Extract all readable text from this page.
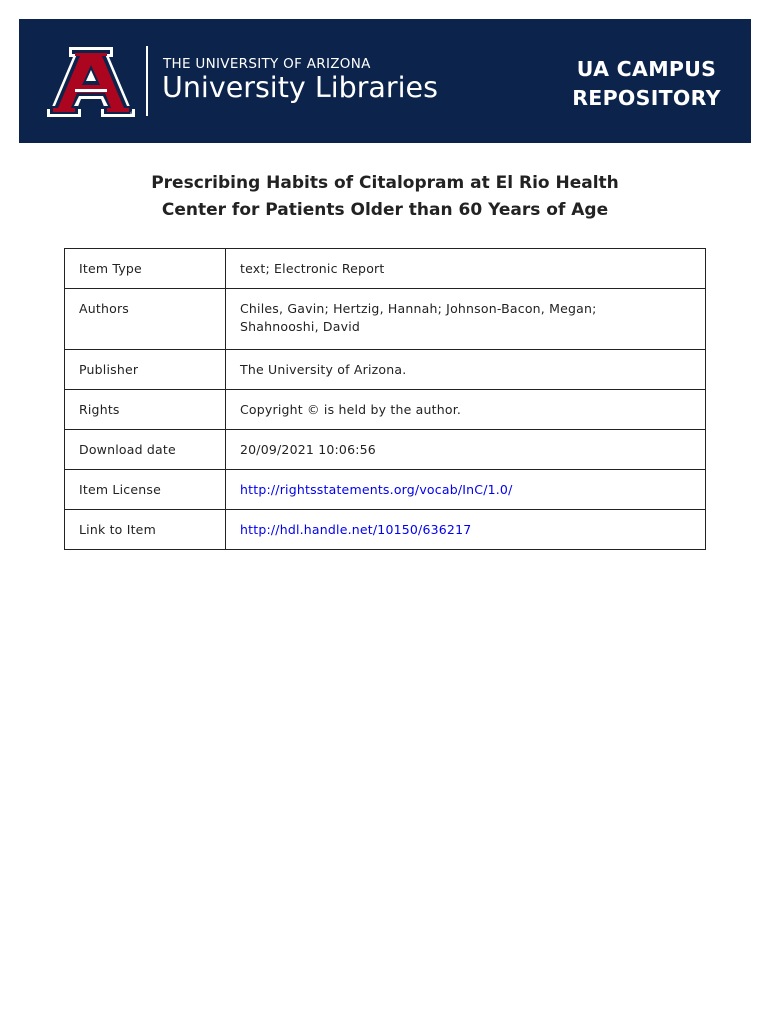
®
THE UNIVERSITY OF ARIZONA
University Libraries
UA CAMPUS
REPOSITORY
Prescribing Habits of Citalopram at El Rio Health
Center for Patients Older than 60 Years of Age
Item Type	text; Electronic Report
Authors	Chiles, Gavin; Hertzig, Hannah; Johnson-Bacon, Megan;
Shahnooshi, David

Publisher	The University of Arizona.
Rights	Copyright © is held by the author.
Download date	20/09/2021 10:06:56
Item License	http://rightsstatements.org/vocab/InC/1.0/
Link to Item	http://hdl.handle.net/10150/636217
